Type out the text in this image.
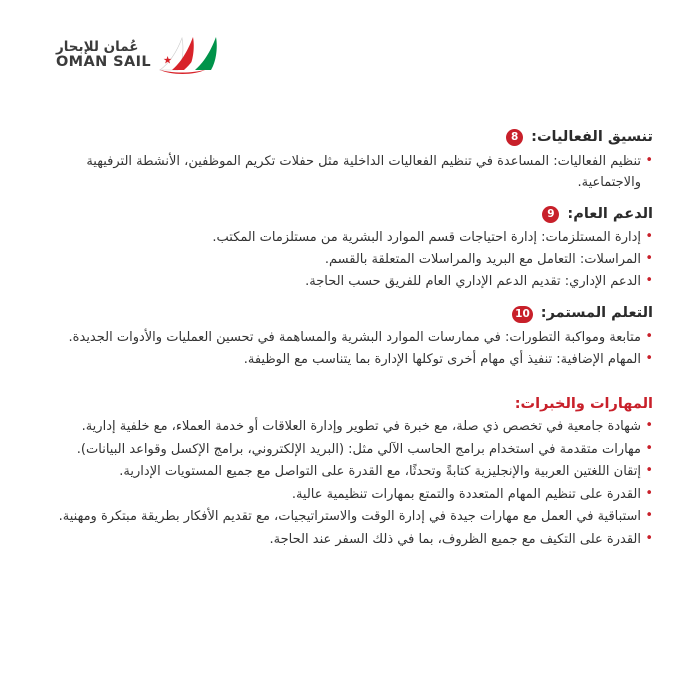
عُمان للإبحار
OMAN SAIL
تنسيق الفعاليات:
8
• تنظيم الفعاليات: المساعدة في تنظيم الفعاليات الداخلية مثل حفلات تكريم الموظفين، الأنشطة الترفيهية والاجتماعية.
الدعم العام:
9
• إدارة المستلزمات: إدارة احتياجات قسم الموارد البشرية من مستلزمات المكتب.
• المراسلات: التعامل مع البريد والمراسلات المتعلقة بالقسم.
• الدعم الإداري: تقديم الدعم الإداري العام للفريق حسب الحاجة.
التعلم المستمر:
10
• متابعة ومواكبة التطورات: في ممارسات الموارد البشرية والمساهمة في تحسين العمليات والأدوات الجديدة.
• المهام الإضافية: تنفيذ أي مهام أخرى توكلها الإدارة بما يتناسب مع الوظيفة.
المهارات والخبرات:
• شهادة جامعية في تخصص ذي صلة، مع خبرة في تطوير وإدارة العلاقات أو خدمة العملاء، مع خلفية إدارية.
• مهارات متقدمة في استخدام برامج الحاسب الآلي مثل: (البريد الإلكتروني، برامج الإكسل وقواعد البيانات).
• إتقان اللغتين العربية والإنجليزية كتابةً وتحدثًا، مع القدرة على التواصل مع جميع المستويات الإدارية.
• القدرة على تنظيم المهام المتعددة والتمتع بمهارات تنظيمية عالية.
• استباقية في العمل مع مهارات جيدة في إدارة الوقت والاستراتيجيات، مع تقديم الأفكار بطريقة مبتكرة ومهنية.
• القدرة على التكيف مع جميع الظروف، بما في ذلك السفر عند الحاجة.
